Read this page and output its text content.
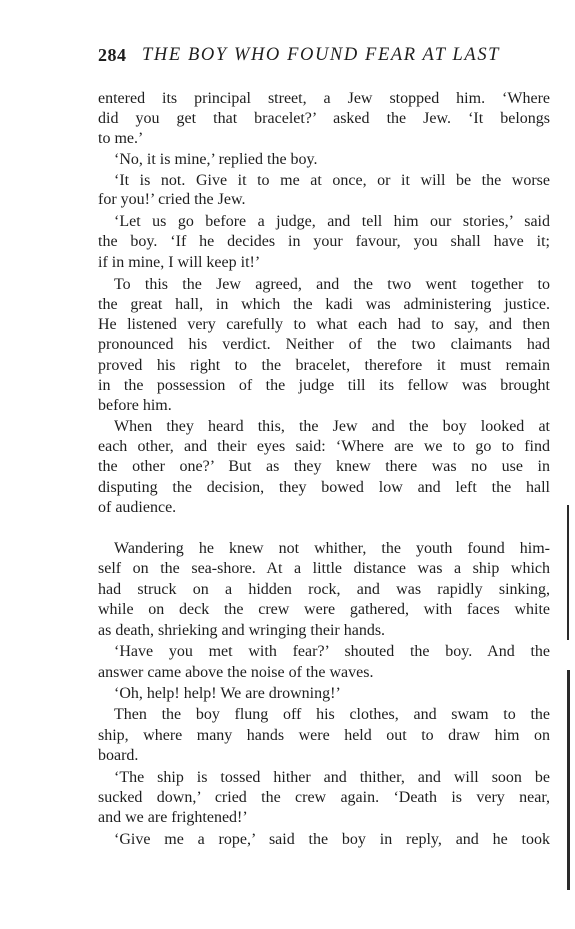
284 THE BOY WHO FOUND FEAR AT LAST
entered its principal street, a Jew stopped him. ‘Where
did you get that bracelet?’ asked the Jew. ‘It belongs
to me.’
‘No, it is mine,’ replied the boy.
‘It is not. Give it to me at once, or it will be the worse
for you!’ cried the Jew.
‘Let us go before a judge, and tell him our stories,’ said
the boy. ‘If he decides in your favour, you shall have it;
if in mine, I will keep it!’
To this the Jew agreed, and the two went together to
the great hall, in which the kadi was administering justice.
He listened very carefully to what each had to say, and then
pronounced his verdict. Neither of the two claimants had
proved his right to the bracelet, therefore it must remain
in the possession of the judge till its fellow was brought
before him.
When they heard this, the Jew and the boy looked at
each other, and their eyes said: ‘Where are we to go to find
the other one?’ But as they knew there was no use in
disputing the decision, they bowed low and left the hall
of audience.
Wandering he knew not whither, the youth found him-
self on the sea-shore. At a little distance was a ship which
had struck on a hidden rock, and was rapidly sinking,
while on deck the crew were gathered, with faces white
as death, shrieking and wringing their hands.
‘Have you met with fear?’ shouted the boy. And the
answer came above the noise of the waves.
‘Oh, help! help! We are drowning!’
Then the boy flung off his clothes, and swam to the
ship, where many hands were held out to draw him on
board.
‘The ship is tossed hither and thither, and will soon be
sucked down,’ cried the crew again. ‘Death is very near,
and we are frightened!’
‘Give me a rope,’ said the boy in reply, and he took
